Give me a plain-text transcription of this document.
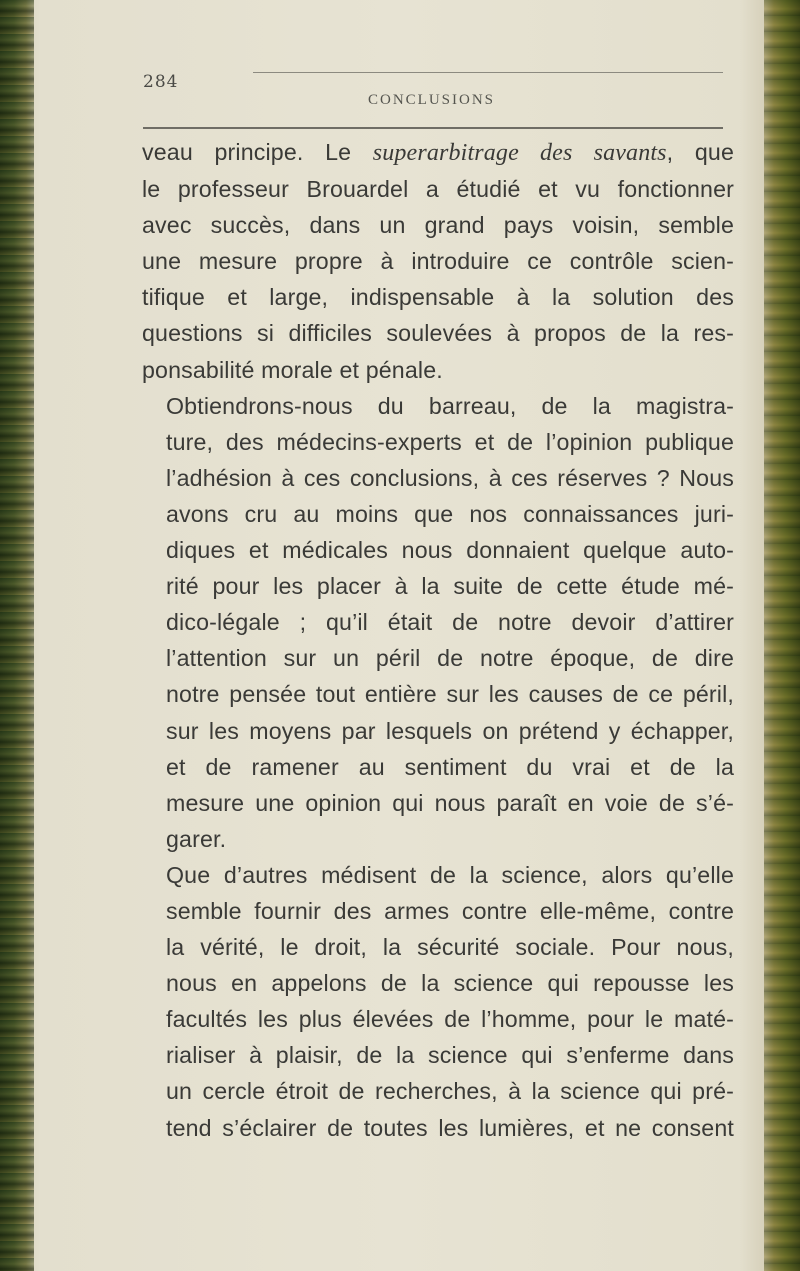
284
CONCLUSIONS

veau principe. Le superarbitrage des savants, que
le professeur Brouardel a étudié et vu fonctionner
avec succès, dans un grand pays voisin, semble
une mesure propre à introduire ce contrôle scien-
tifique et large, indispensable à la solution des
questions si difficiles soulevées à propos de la res-
ponsabilité morale et pénale.

Obtiendrons-nous du barreau, de la magistra-
ture, des médecins-experts et de l’opinion publique
l’adhésion à ces conclusions, à ces réserves ? Nous
avons cru au moins que nos connaissances juri-
diques et médicales nous donnaient quelque auto-
rité pour les placer à la suite de cette étude mé-
dico-légale ; qu’il était de notre devoir d’attirer
l’attention sur un péril de notre époque, de dire
notre pensée tout entière sur les causes de ce péril,
sur les moyens par lesquels on prétend y échapper,
et de ramener au sentiment du vrai et de la
mesure une opinion qui nous paraît en voie de s’é-
garer.

Que d’autres médisent de la science, alors qu’elle
semble fournir des armes contre elle-même, contre
la vérité, le droit, la sécurité sociale. Pour nous,
nous en appelons de la science qui repousse les
facultés les plus élevées de l’homme, pour le maté-
rialiser à plaisir, de la science qui s’enferme dans
un cercle étroit de recherches, à la science qui pré-
tend s’éclairer de toutes les lumières, et ne consent
